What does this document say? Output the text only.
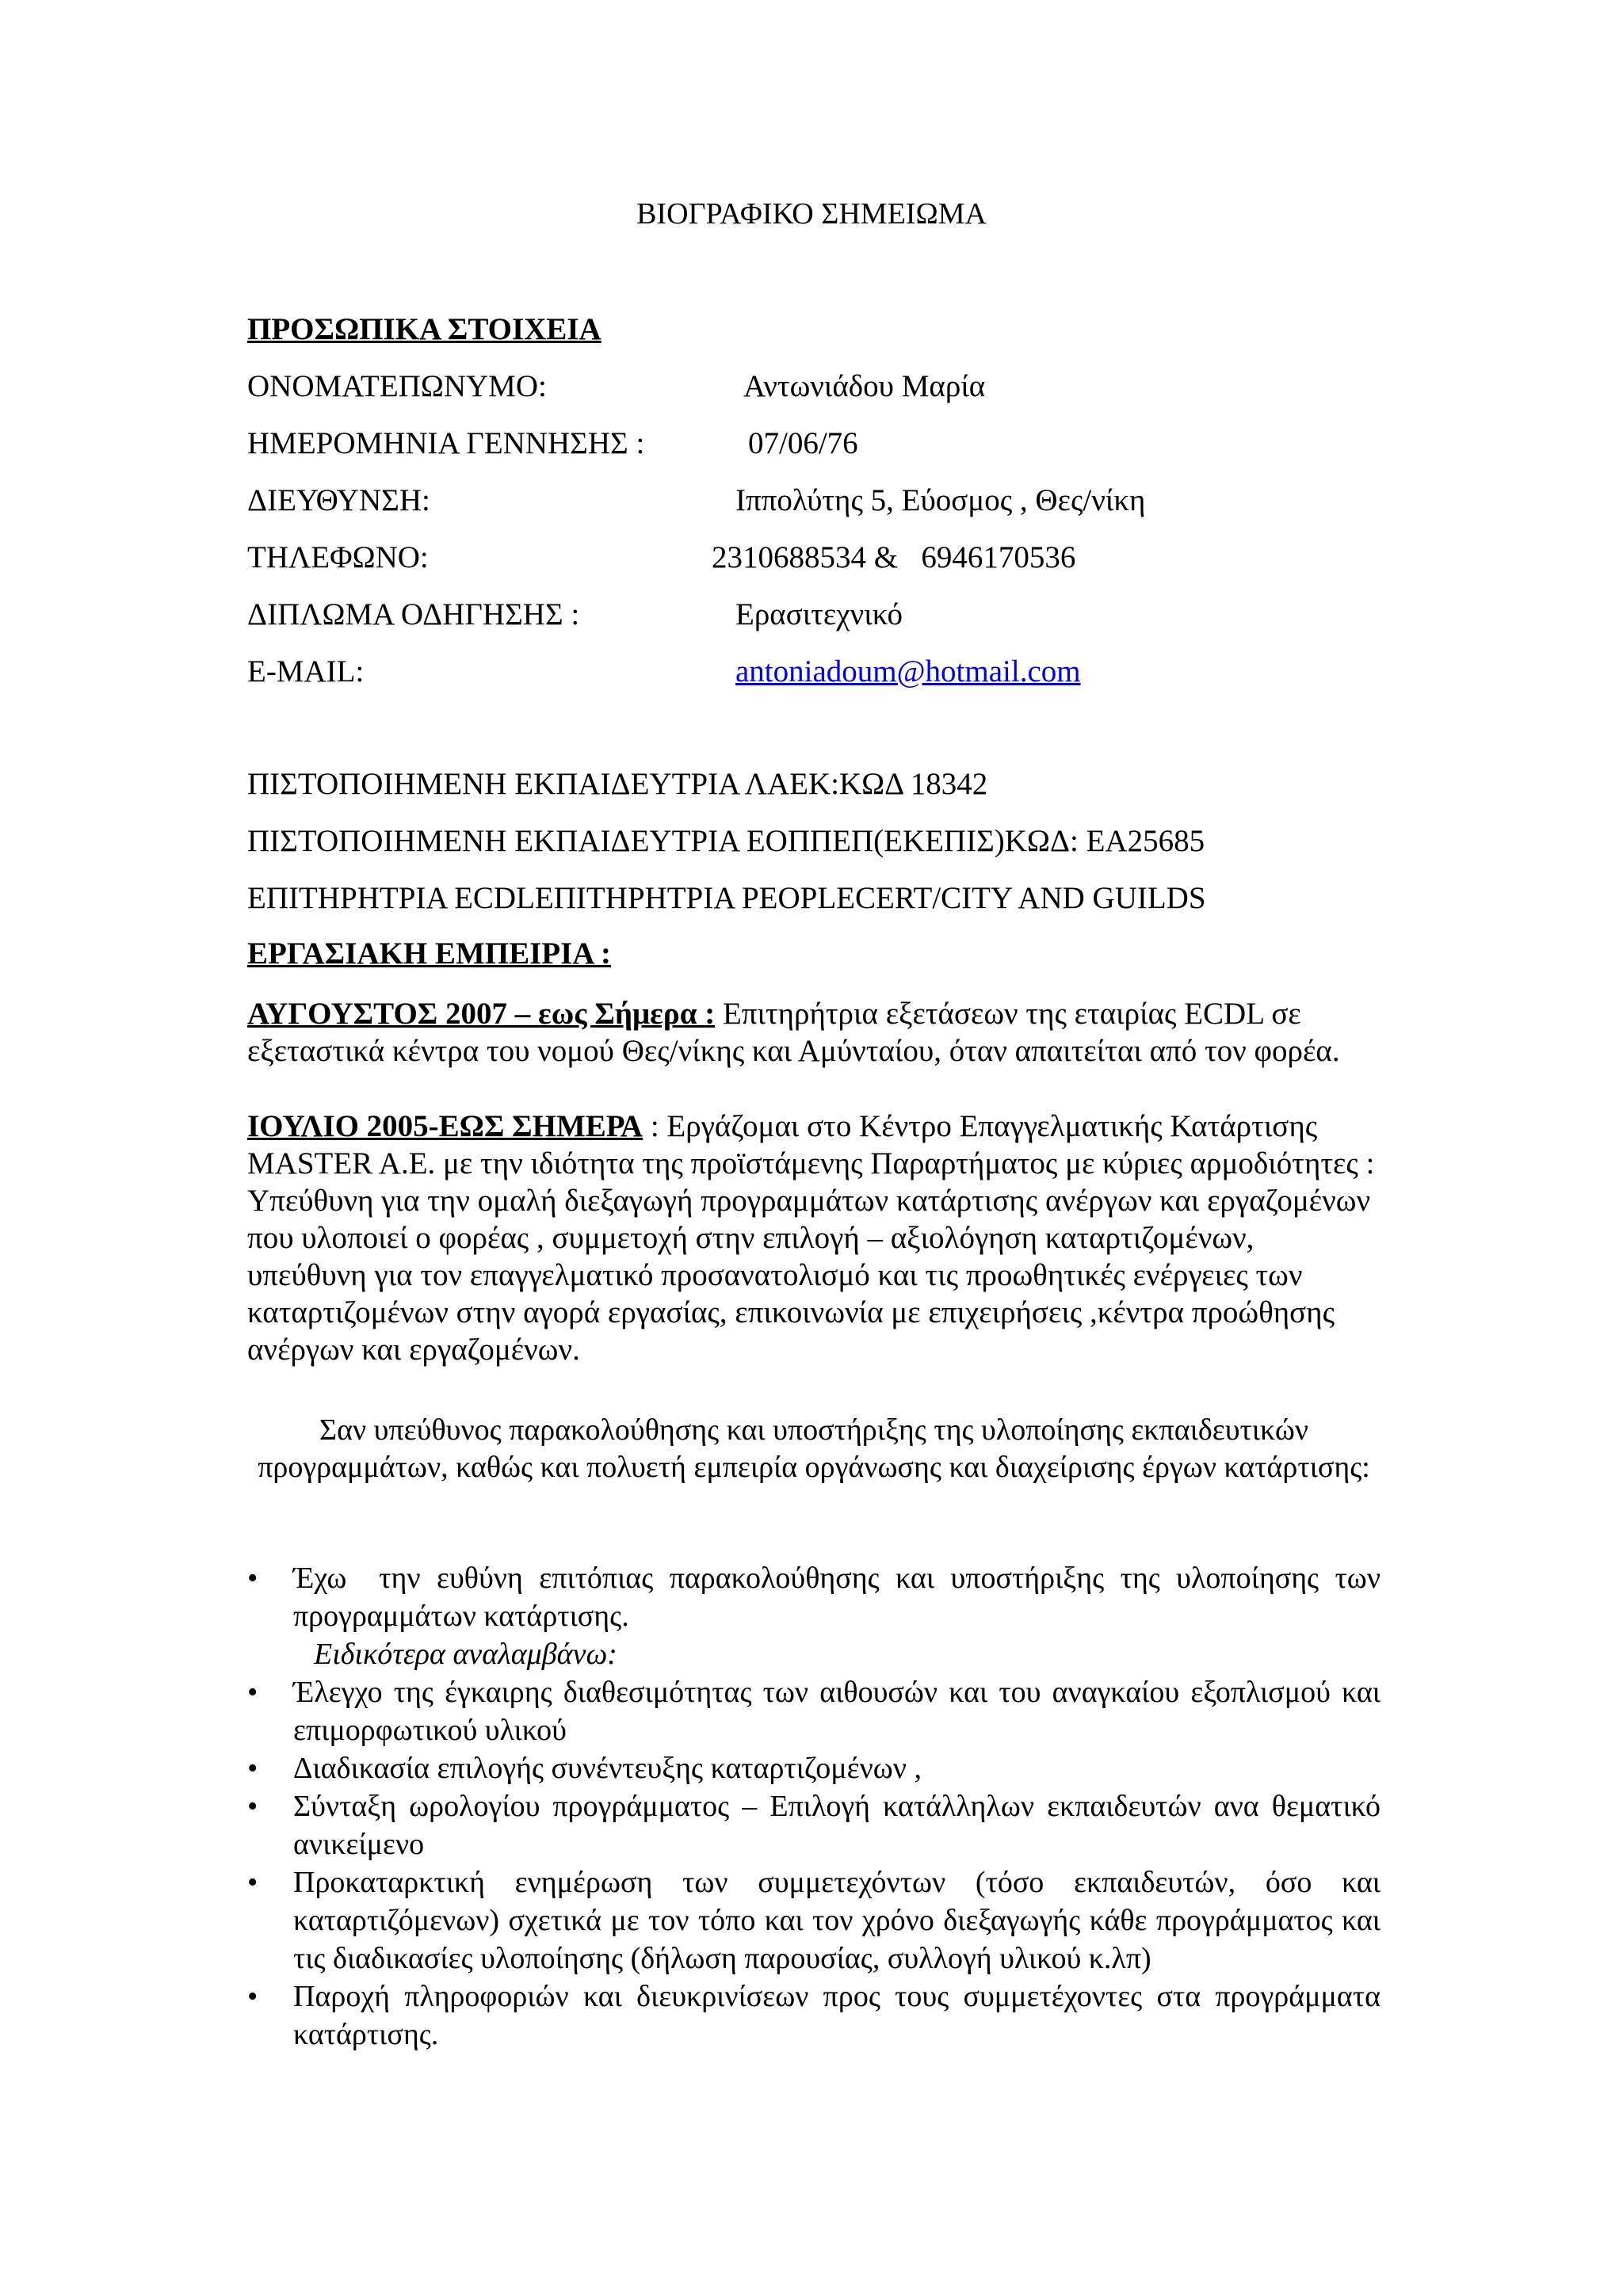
ΒΙΟΓΡΑΦΙΚΟ ΣΗΜΕΙΩΜΑ
ΠΡΟΣΩΠΙΚΑ ΣΤΟΙΧΕΙΑ
ΟΝΟΜΑΤΕΠΩΝΥΜΟ:	Αντωνιάδου Μαρία
ΗΜΕΡΟΜΗΝΙΑ ΓΕΝΝΗΣΗΣ :	07/06/76
ΔΙΕΥΘΥΝΣΗ:	Ιππολύτης 5, Εύοσμος , Θες/νίκη
ΤΗΛΕΦΩΝΟ:	2310688534 &   6946170536
ΔΙΠΛΩΜΑ ΟΔΗΓΗΣΗΣ :	Ερασιτεχνικό
E-MAIL:	antoniadoum@hotmail.com
ΠΙΣΤΟΠΟΙΗΜΕΝΗ ΕΚΠΑΙΔΕΥΤΡΙΑ ΛΑΕΚ:ΚΩΔ 18342
ΠΙΣΤΟΠΟΙΗΜΕΝΗ ΕΚΠΑΙΔΕΥΤΡΙΑ ΕΟΠΠΕΠ(ΕΚΕΠΙΣ)ΚΩΔ: ΕΑ25685
ΕΠΙΤΗΡΗΤΡΙΑ ECDLΕΠΙΤΗΡΗΤΡΙΑ PEOPLECERT/CITY AND GUILDS
ΕΡΓΑΣΙΑΚΗ ΕΜΠΕΙΡΙΑ :
ΑΥΓΟΥΣΤΟΣ 2007 – εως Σήμερα : Επιτηρήτρια εξετάσεων της εταιρίας ECDL σε εξεταστικά κέντρα του νομού Θες/νίκης και Αμύνταίου, όταν απαιτείται από τον φορέα.
ΙΟΥΛΙΟ 2005-ΕΩΣ ΣΗΜΕΡΑ : Εργάζομαι στο Κέντρο Επαγγελματικής Κατάρτισης MASTER A.E. με την ιδιότητα της προϊστάμενης Παραρτήματος με κύριες αρμοδιότητες : Υπεύθυνη για την ομαλή διεξαγωγή προγραμμάτων κατάρτισης ανέργων και εργαζομένων που υλοποιεί ο φορέας , συμμετοχή στην επιλογή – αξιολόγηση καταρτιζομένων, υπεύθυνη για τον επαγγελματικό προσανατολισμό και τις προωθητικές ενέργειες των καταρτιζομένων στην αγορά εργασίας, επικοινωνία με επιχειρήσεις ,κέντρα προώθησης ανέργων και εργαζομένων.
Σαν υπεύθυνος παρακολούθησης και υποστήριξης της υλοποίησης εκπαιδευτικών προγραμμάτων, καθώς και πολυετή εμπειρία οργάνωσης και διαχείρισης έργων κατάρτισης:
• Έχω  την ευθύνη επιτόπιας παρακολούθησης και υποστήριξης της υλοποίησης των προγραμμάτων κατάρτισης.
Ειδικότερα αναλαμβάνω:
• Έλεγχο της έγκαιρης διαθεσιμότητας των αιθουσών και του αναγκαίου εξοπλισμού και επιμορφωτικού υλικού
• Διαδικασία επιλογής συνέντευξης καταρτιζομένων ,
• Σύνταξη ωρολογίου προγράμματος – Επιλογή κατάλληλων εκπαιδευτών ανα θεματικό ανικείμενο
• Προκαταρκτική ενημέρωση των συμμετεχόντων (τόσο εκπαιδευτών, όσο και καταρτιζόμενων) σχετικά με τον τόπο και τον χρόνο διεξαγωγής κάθε προγράμματος και τις διαδικασίες υλοποίησης (δήλωση παρουσίας, συλλογή υλικού κ.λπ)
• Παροχή πληροφοριών και διευκρινίσεων προς τους συμμετέχοντες στα προγράμματα κατάρτισης.
